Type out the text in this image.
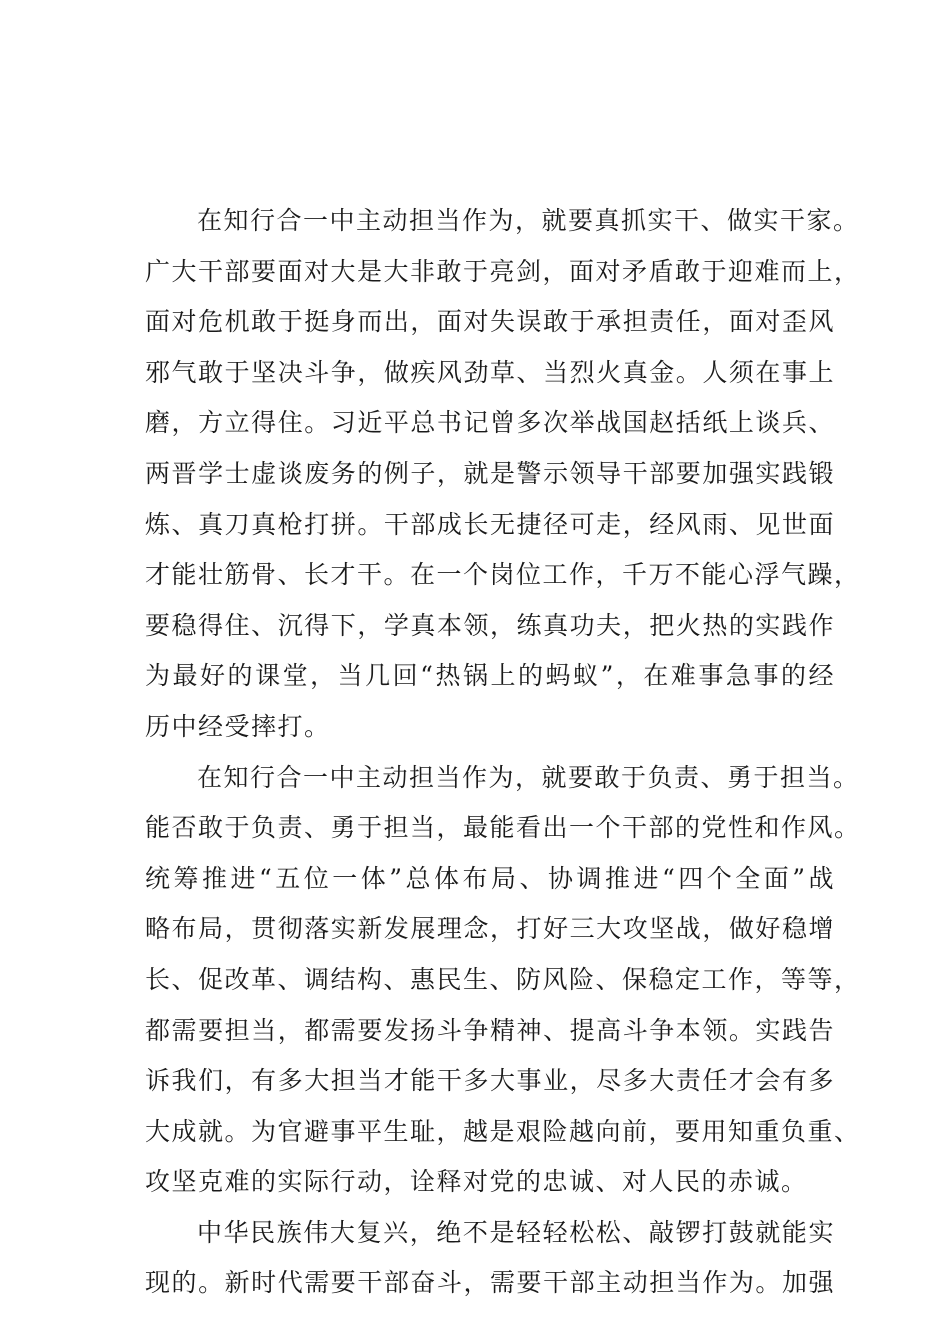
在知行合一中主动担当作为，就要真抓实干、做实干家。
广大干部要面对大是大非敢于亮剑，面对矛盾敢于迎难而上，
面对危机敢于挺身而出，面对失误敢于承担责任，面对歪风
邪气敢于坚决斗争，做疾风劲草、当烈火真金。人须在事上
磨，方立得住。习近平总书记曾多次举战国赵括纸上谈兵、
两晋学士虚谈废务的例子，就是警示领导干部要加强实践锻
炼、真刀真枪打拼。干部成长无捷径可走，经风雨、见世面
才能壮筋骨、长才干。在一个岗位工作，千万不能心浮气躁，
要稳得住、沉得下，学真本领，练真功夫，把火热的实践作
为最好的课堂，当几回“热锅上的蚂蚁”，在难事急事的经
历中经受摔打。
在知行合一中主动担当作为，就要敢于负责、勇于担当。
能否敢于负责、勇于担当，最能看出一个干部的党性和作风。
统筹推进“五位一体”总体布局、协调推进“四个全面”战
略布局，贯彻落实新发展理念，打好三大攻坚战，做好稳增
长、促改革、调结构、惠民生、防风险、保稳定工作，等等，
都需要担当，都需要发扬斗争精神、提高斗争本领。实践告
诉我们，有多大担当才能干多大事业，尽多大责任才会有多
大成就。为官避事平生耻，越是艰险越向前，要用知重负重、
攻坚克难的实际行动，诠释对党的忠诚、对人民的赤诚。
中华民族伟大复兴，绝不是轻轻松松、敲锣打鼓就能实
现的。新时代需要干部奋斗，需要干部主动担当作为。加强
